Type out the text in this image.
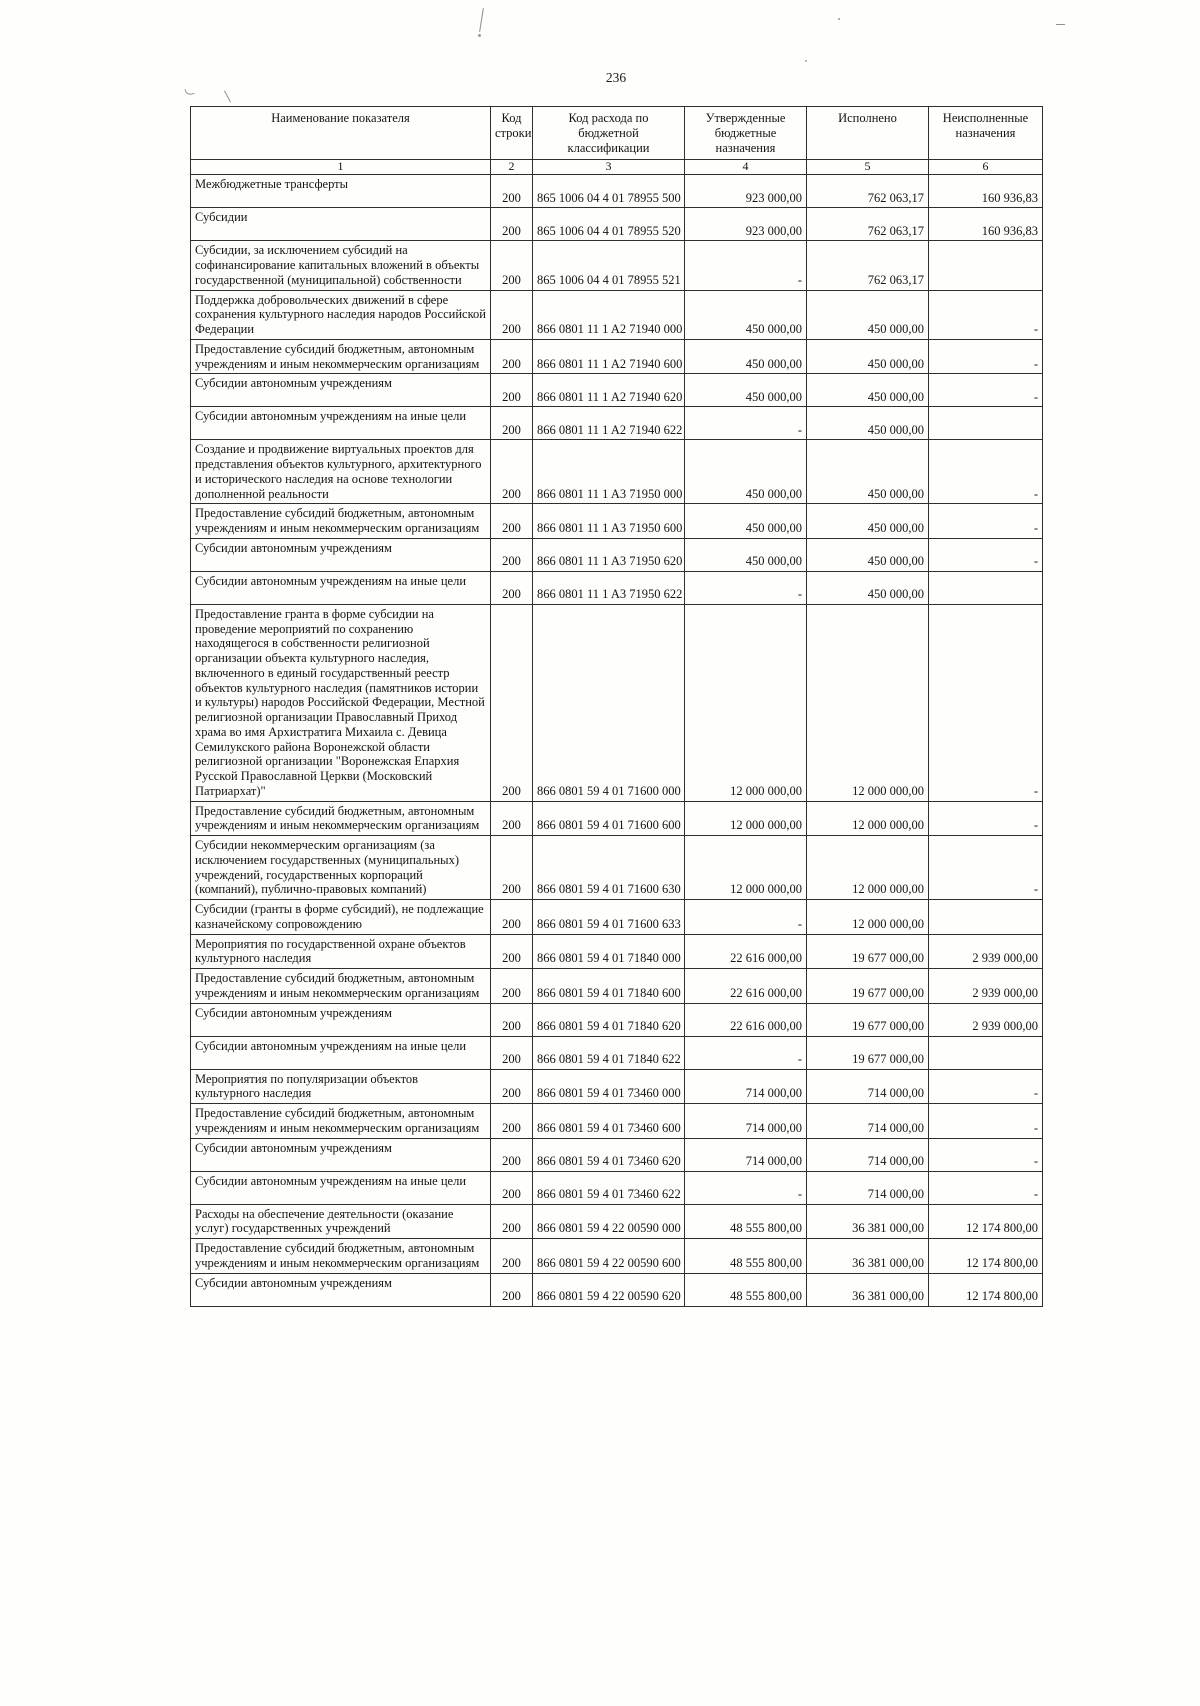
236
Наименование показателя	Код строки	Код расхода по бюджетной классификации	Утвержденные бюджетные назначения	Исполнено	Неисполненные назначения
1	2	3	4	5	6
Межбюджетные трансферты	200	865 1006 04 4 01 78955 500	923 000,00	762 063,17	160 936,83
Субсидии	200	865 1006 04 4 01 78955 520	923 000,00	762 063,17	160 936,83
Субсидии, за исключением субсидий на софинансирование капитальных вложений в объекты государственной (муниципальной) собственности	200	865 1006 04 4 01 78955 521	-	762 063,17	
Поддержка добровольческих движений в сфере сохранения культурного наследия народов Российской Федерации	200	866 0801 11 1 A2 71940 000	450 000,00	450 000,00	-
Предоставление субсидий бюджетным, автономным учреждениям и иным некоммерческим организациям	200	866 0801 11 1 A2 71940 600	450 000,00	450 000,00	-
Субсидии автономным учреждениям	200	866 0801 11 1 A2 71940 620	450 000,00	450 000,00	-
Субсидии автономным учреждениям на иные цели	200	866 0801 11 1 A2 71940 622	-	450 000,00	
Создание и продвижение виртуальных проектов для представления объектов культурного, архитектурного и исторического наследия на основе технологии дополненной реальности	200	866 0801 11 1 A3 71950 000	450 000,00	450 000,00	-
Предоставление субсидий бюджетным, автономным учреждениям и иным некоммерческим организациям	200	866 0801 11 1 A3 71950 600	450 000,00	450 000,00	-
Субсидии автономным учреждениям	200	866 0801 11 1 A3 71950 620	450 000,00	450 000,00	-
Субсидии автономным учреждениям на иные цели	200	866 0801 11 1 A3 71950 622	-	450 000,00	
Предоставление гранта в форме субсидии на проведение мероприятий по сохранению находящегося в собственности религиозной организации объекта культурного наследия, включенного в единый государственный реестр объектов культурного наследия (памятников истории и культуры) народов Российской Федерации, Местной религиозной организации Православный Приход храма во имя Архистратига Михаила с. Девица Семилукского района Воронежской области религиозной организации "Воронежская Епархия Русской Православной Церкви (Московский Патриархат)"	200	866 0801 59 4 01 71600 000	12 000 000,00	12 000 000,00	-
Предоставление субсидий бюджетным, автономным учреждениям и иным некоммерческим организациям	200	866 0801 59 4 01 71600 600	12 000 000,00	12 000 000,00	-
Субсидии некоммерческим организациям (за исключением государственных (муниципальных) учреждений, государственных корпораций (компаний), публично-правовых компаний)	200	866 0801 59 4 01 71600 630	12 000 000,00	12 000 000,00	-
Субсидии (гранты в форме субсидий), не подлежащие казначейскому сопровождению	200	866 0801 59 4 01 71600 633	-	12 000 000,00	
Мероприятия по государственной охране объектов культурного наследия	200	866 0801 59 4 01 71840 000	22 616 000,00	19 677 000,00	2 939 000,00
Предоставление субсидий бюджетным, автономным учреждениям и иным некоммерческим организациям	200	866 0801 59 4 01 71840 600	22 616 000,00	19 677 000,00	2 939 000,00
Субсидии автономным учреждениям	200	866 0801 59 4 01 71840 620	22 616 000,00	19 677 000,00	2 939 000,00
Субсидии автономным учреждениям на иные цели	200	866 0801 59 4 01 71840 622	-	19 677 000,00	
Мероприятия по популяризации объектов культурного наследия	200	866 0801 59 4 01 73460 000	714 000,00	714 000,00	-
Предоставление субсидий бюджетным, автономным учреждениям и иным некоммерческим организациям	200	866 0801 59 4 01 73460 600	714 000,00	714 000,00	-
Субсидии автономным учреждениям	200	866 0801 59 4 01 73460 620	714 000,00	714 000,00	-
Субсидии автономным учреждениям на иные цели	200	866 0801 59 4 01 73460 622	-	714 000,00	-
Расходы на обеспечение деятельности (оказание услуг) государственных учреждений	200	866 0801 59 4 22 00590 000	48 555 800,00	36 381 000,00	12 174 800,00
Предоставление субсидий бюджетным, автономным учреждениям и иным некоммерческим организациям	200	866 0801 59 4 22 00590 600	48 555 800,00	36 381 000,00	12 174 800,00
Субсидии автономным учреждениям	200	866 0801 59 4 22 00590 620	48 555 800,00	36 381 000,00	12 174 800,00
